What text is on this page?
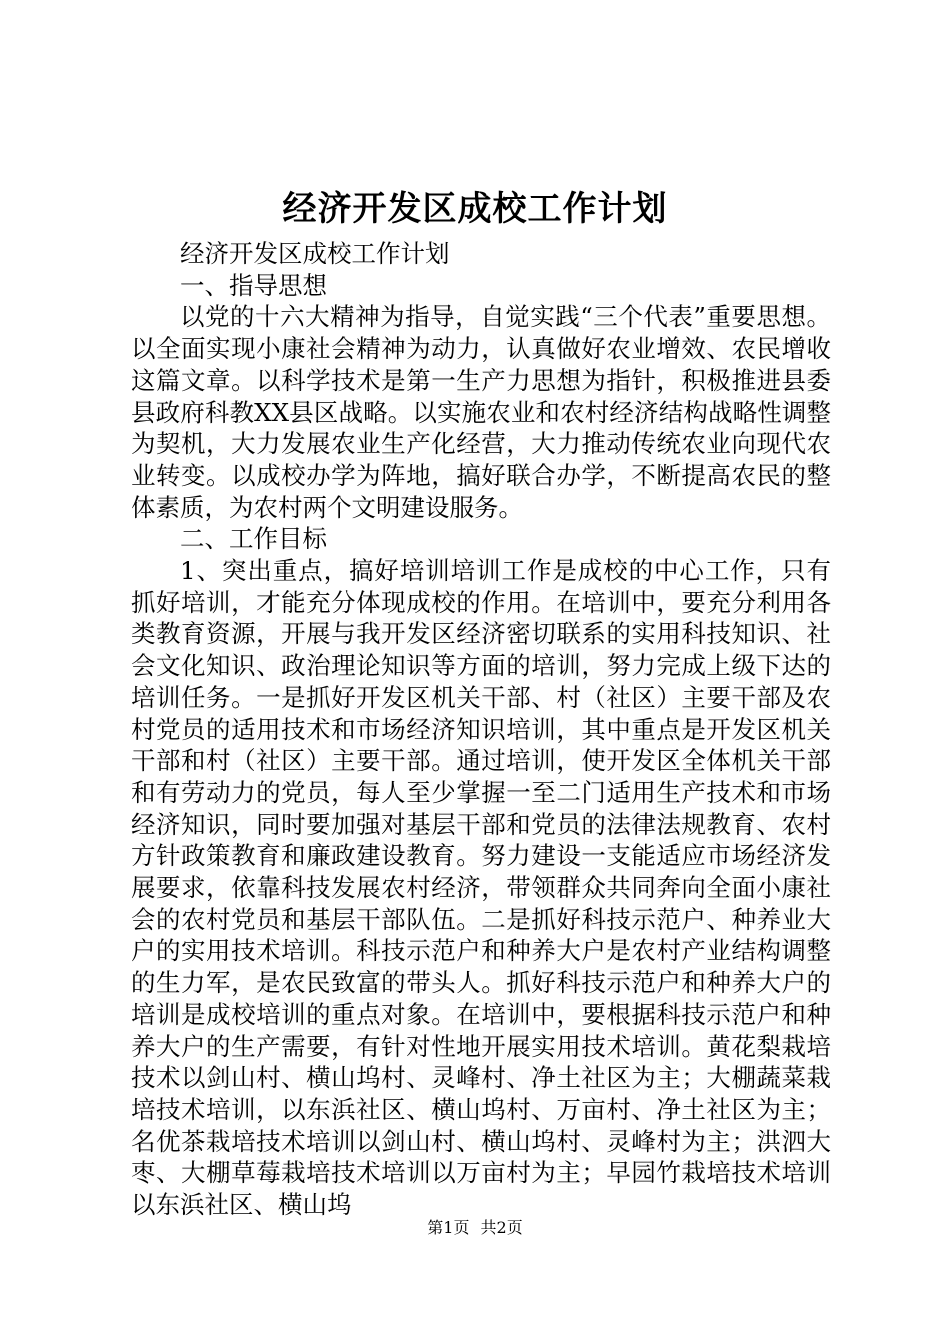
经济开发区成校工作计划

经济开发区成校工作计划

一、指导思想

以党的十六大精神为指导，自觉实践“三个代表”重要思想。以全面实现小康社会精神为动力，认真做好农业增效、农民增收这篇文章。以科学技术是第一生产力思想为指针，积极推进县委县政府科教XX县区战略。以实施农业和农村经济结构战略性调整为契机，大力发展农业生产化经营，大力推动传统农业向现代农业转变。以成校办学为阵地，搞好联合办学，不断提高农民的整体素质，为农村两个文明建设服务。

二、工作目标

1、突出重点，搞好培训培训工作是成校的中心工作，只有抓好培训，才能充分体现成校的作用。在培训中，要充分利用各类教育资源，开展与我开发区经济密切联系的实用科技知识、社会文化知识、政治理论知识等方面的培训，努力完成上级下达的培训任务。一是抓好开发区机关干部、村（社区）主要干部及农村党员的适用技术和市场经济知识培训，其中重点是开发区机关干部和村（社区）主要干部。通过培训，使开发区全体机关干部和有劳动力的党员，每人至少掌握一至二门适用生产技术和市场经济知识，同时要加强对基层干部和党员的法律法规教育、农村方针政策教育和廉政建设教育。努力建设一支能适应市场经济发展要求，依靠科技发展农村经济，带领群众共同奔向全面小康社会的农村党员和基层干部队伍。二是抓好科技示范户、种养业大户的实用技术培训。科技示范户和种养大户是农村产业结构调整的生力军，是农民致富的带头人。抓好科技示范户和种养大户的培训是成校培训的重点对象。在培训中，要根据科技示范户和种养大户的生产需要，有针对性地开展实用技术培训。黄花梨栽培技术以剑山村、横山坞村、灵峰村、净土社区为主；大棚蔬菜栽培技术培训，以东浜社区、横山坞村、万亩村、净土社区为主；名优茶栽培技术培训以剑山村、横山坞村、灵峰村为主；洪泗大枣、大棚草莓栽培技术培训以万亩村为主；早园竹栽培技术培训以东浜社区、横山坞

第1页 共2页
